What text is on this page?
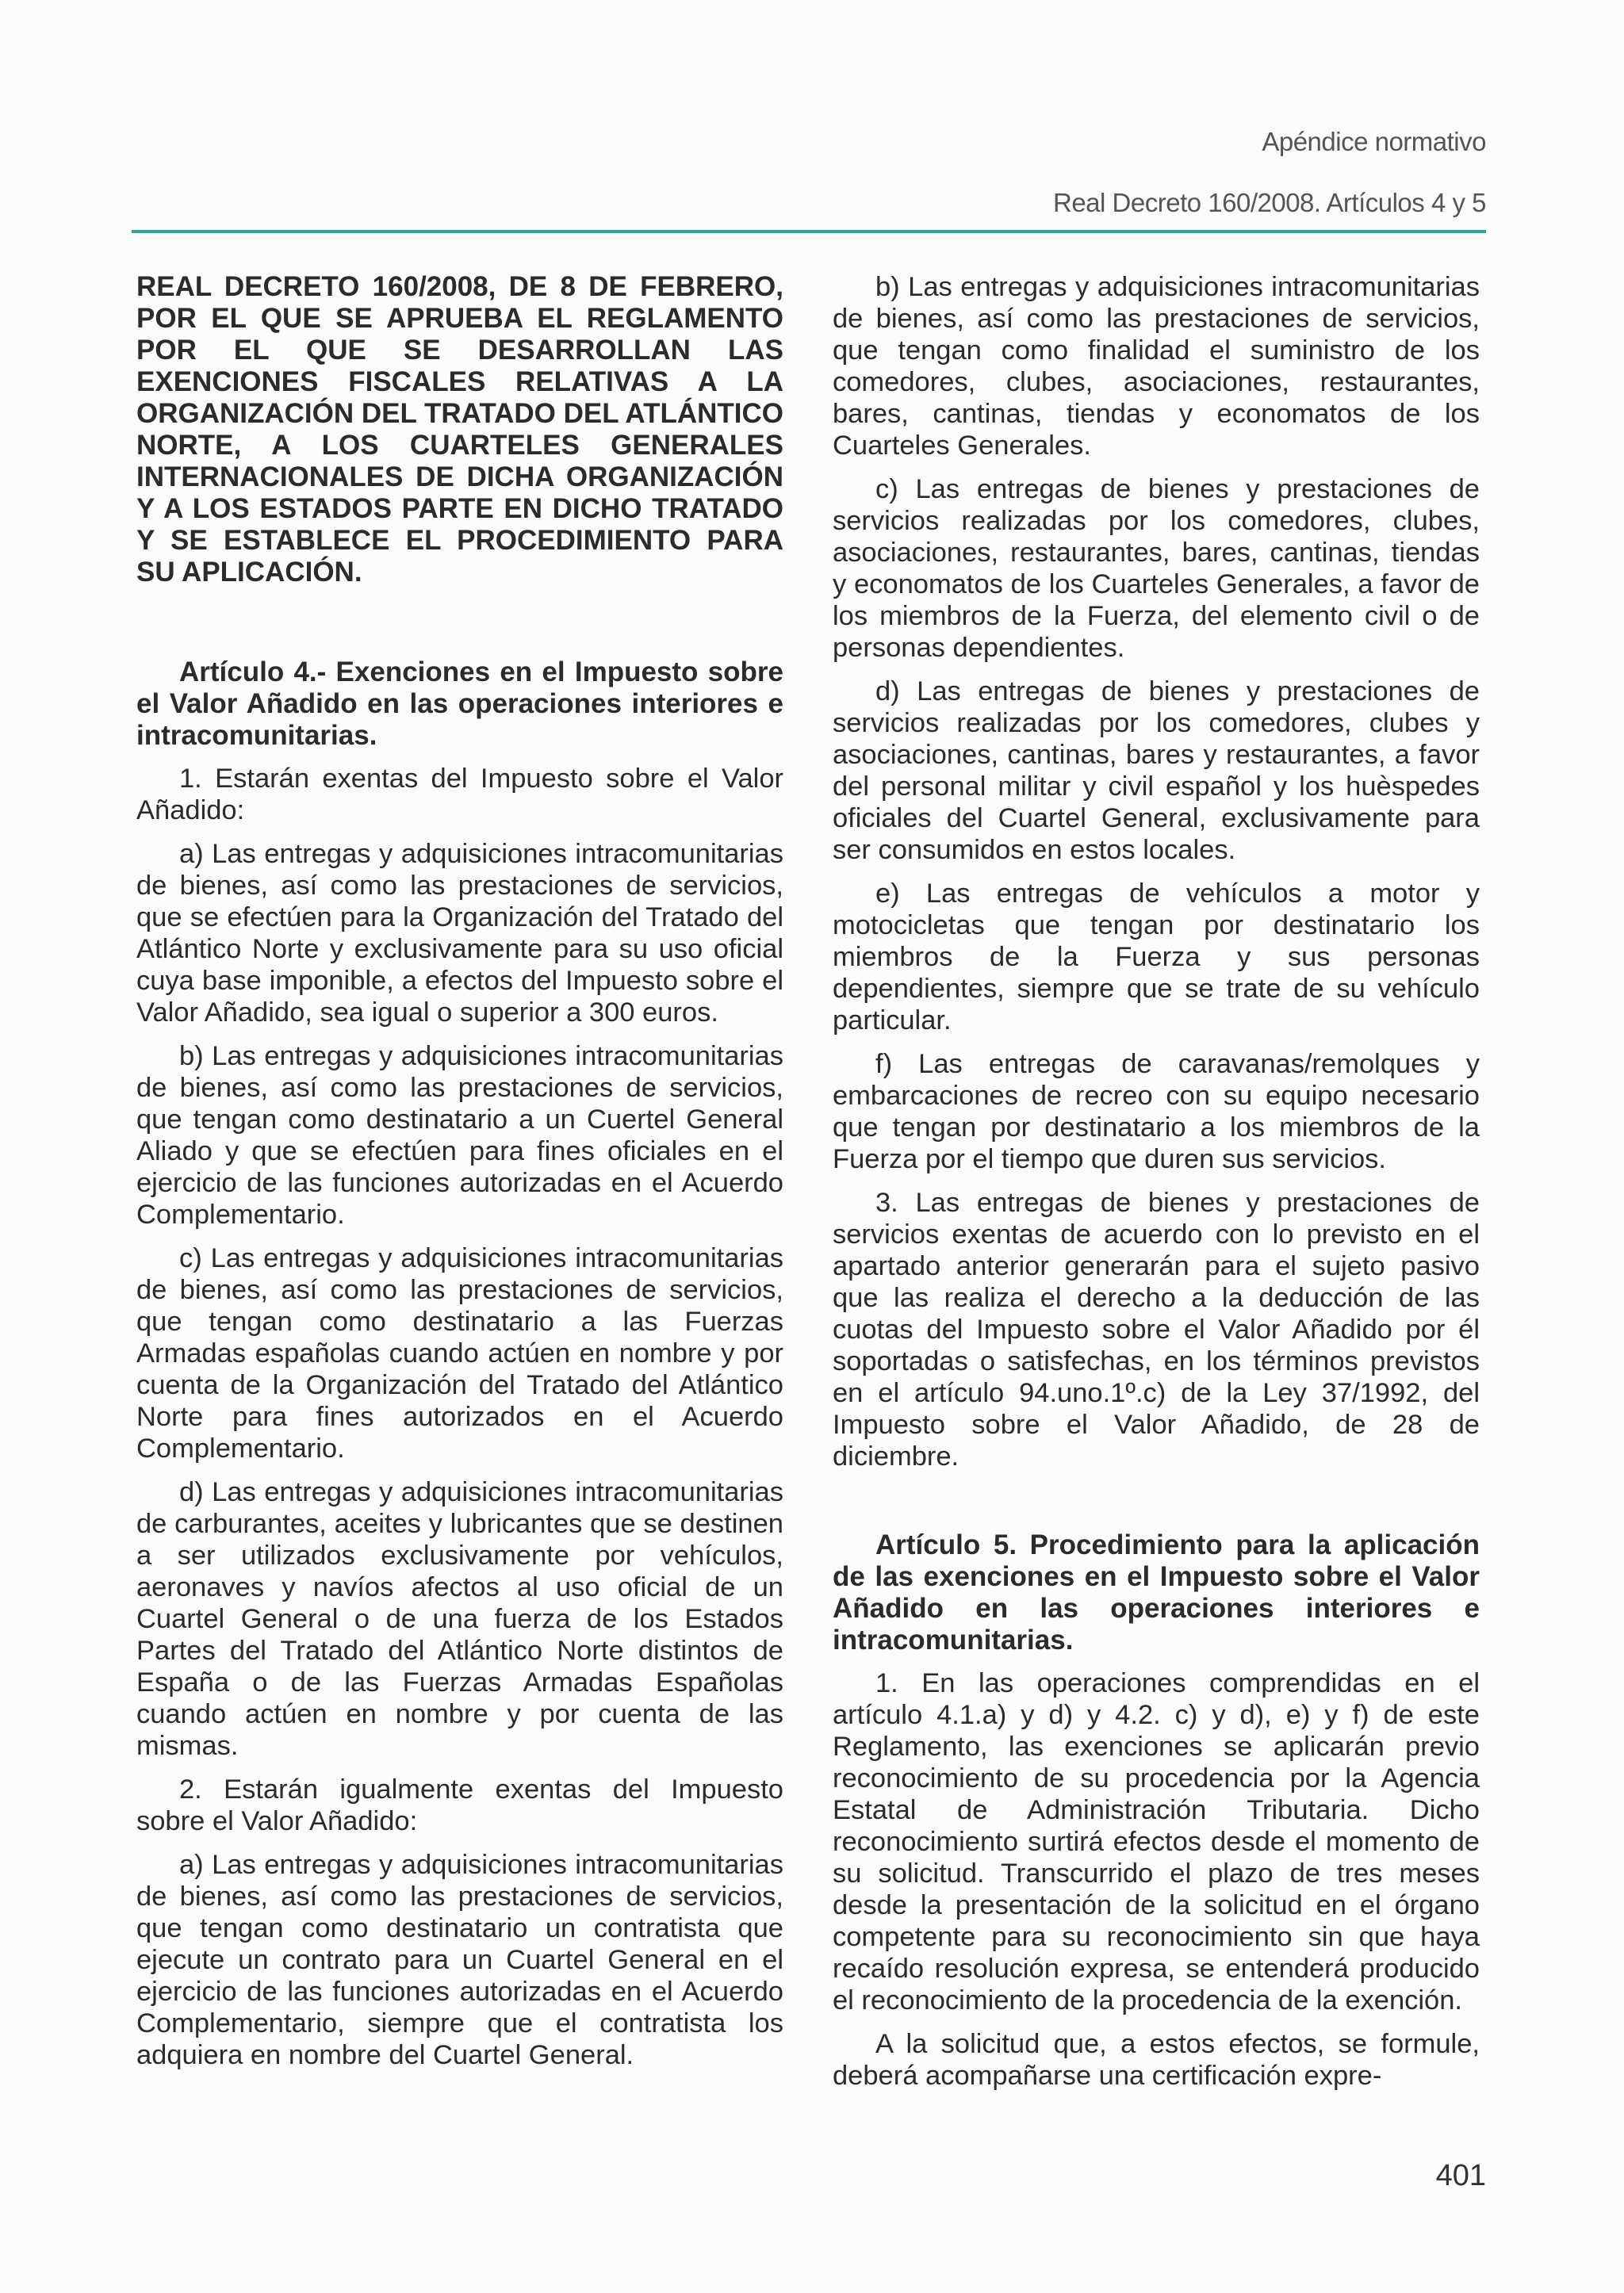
Apéndice normativo
Real Decreto 160/2008. Artículos 4 y 5
REAL DECRETO 160/2008, DE 8 DE FEBRERO, POR EL QUE SE APRUEBA EL REGLAMENTO POR EL QUE SE DESARROLLAN LAS EXENCIONES FISCALES RELATIVAS A LA ORGANIZACIÓN DEL TRATADO DEL ATLÁNTICO NORTE, A LOS CUARTELES GENERALES INTERNACIONALES DE DICHA ORGANIZACIÓN Y A LOS ESTADOS PARTE EN DICHO TRATADO Y SE ESTABLECE EL PROCEDIMIENTO PARA SU APLICACIÓN.
Artículo 4.- Exenciones en el Impuesto sobre el Valor Añadido en las operaciones interiores e intracomunitarias.

1. Estarán exentas del Impuesto sobre el Valor Añadido:

a) Las entregas y adquisiciones intracomunitarias de bienes, así como las prestaciones de servicios, que se efectúen para la Organización del Tratado del Atlántico Norte y exclusivamente para su uso oficial cuya base imponible, a efectos del Impuesto sobre el Valor Añadido, sea igual o superior a 300 euros.

b) Las entregas y adquisiciones intracomunitarias de bienes, así como las prestaciones de servicios, que tengan como destinatario a un Cuertel General Aliado y que se efectúen para fines oficiales en el ejercicio de las funciones autorizadas en el Acuerdo Complementario.

c) Las entregas y adquisiciones intracomunitarias de bienes, así como las prestaciones de servicios, que tengan como destinatario a las Fuerzas Armadas españolas cuando actúen en nombre y por cuenta de la Organización del Tratado del Atlántico Norte para fines autorizados en el Acuerdo Complementario.

d) Las entregas y adquisiciones intracomunitarias de carburantes, aceites y lubricantes que se destinen a ser utilizados exclusivamente por vehículos, aeronaves y navíos afectos al uso oficial de un Cuartel General o de una fuerza de los Estados Partes del Tratado del Atlántico Norte distintos de España o de las Fuerzas Armadas Españolas cuando actúen en nombre y por cuenta de las mismas.

2. Estarán igualmente exentas del Impuesto sobre el Valor Añadido:

a) Las entregas y adquisiciones intracomunitarias de bienes, así como las prestaciones de servicios, que tengan como destinatario un contratista que ejecute un contrato para un Cuartel General en el ejercicio de las funciones autorizadas en el Acuerdo Complementario, siempre que el contratista los adquiera en nombre del Cuartel General.

b) Las entregas y adquisiciones intracomunitarias de bienes, así como las prestaciones de servicios, que tengan como finalidad el suministro de los comedores, clubes, asociaciones, restaurantes, bares, cantinas, tiendas y economatos de los Cuarteles Generales.

c) Las entregas de bienes y prestaciones de servicios realizadas por los comedores, clubes, asociaciones, restaurantes, bares, cantinas, tiendas y economatos de los Cuarteles Generales, a favor de los miembros de la Fuerza, del elemento civil o de personas dependientes.

d) Las entregas de bienes y prestaciones de servicios realizadas por los comedores, clubes y asociaciones, cantinas, bares y restaurantes, a favor del personal militar y civil español y los huèspedes oficiales del Cuartel General, exclusivamente para ser consumidos en estos locales.

e) Las entregas de vehículos a motor y motocicletas que tengan por destinatario los miembros de la Fuerza y sus personas dependientes, siempre que se trate de su vehículo particular.

f) Las entregas de caravanas/remolques y embarcaciones de recreo con su equipo necesario que tengan por destinatario a los miembros de la Fuerza por el tiempo que duren sus servicios.

3. Las entregas de bienes y prestaciones de servicios exentas de acuerdo con lo previsto en el apartado anterior generarán para el sujeto pasivo que las realiza el derecho a la deducción de las cuotas del Impuesto sobre el Valor Añadido por él soportadas o satisfechas, en los términos previstos en el artículo 94.uno.1º.c) de la Ley 37/1992, del Impuesto sobre el Valor Añadido, de 28 de diciembre.

Artículo 5. Procedimiento para la aplicación de las exenciones en el Impuesto sobre el Valor Añadido en las operaciones interiores e intracomunitarias.

1. En las operaciones comprendidas en el artículo 4.1.a) y d) y 4.2. c) y d), e) y f) de este Reglamento, las exenciones se aplicarán previo reconocimiento de su procedencia por la Agencia Estatal de Administración Tributaria. Dicho reconocimiento surtirá efectos desde el momento de su solicitud. Transcurrido el plazo de tres meses desde la presentación de la solicitud en el órgano competente para su reconocimiento sin que haya recaído resolución expresa, se entenderá producido el reconocimiento de la procedencia de la exención.

A la solicitud que, a estos efectos, se formule, deberá acompañarse una certificación expre-

401
